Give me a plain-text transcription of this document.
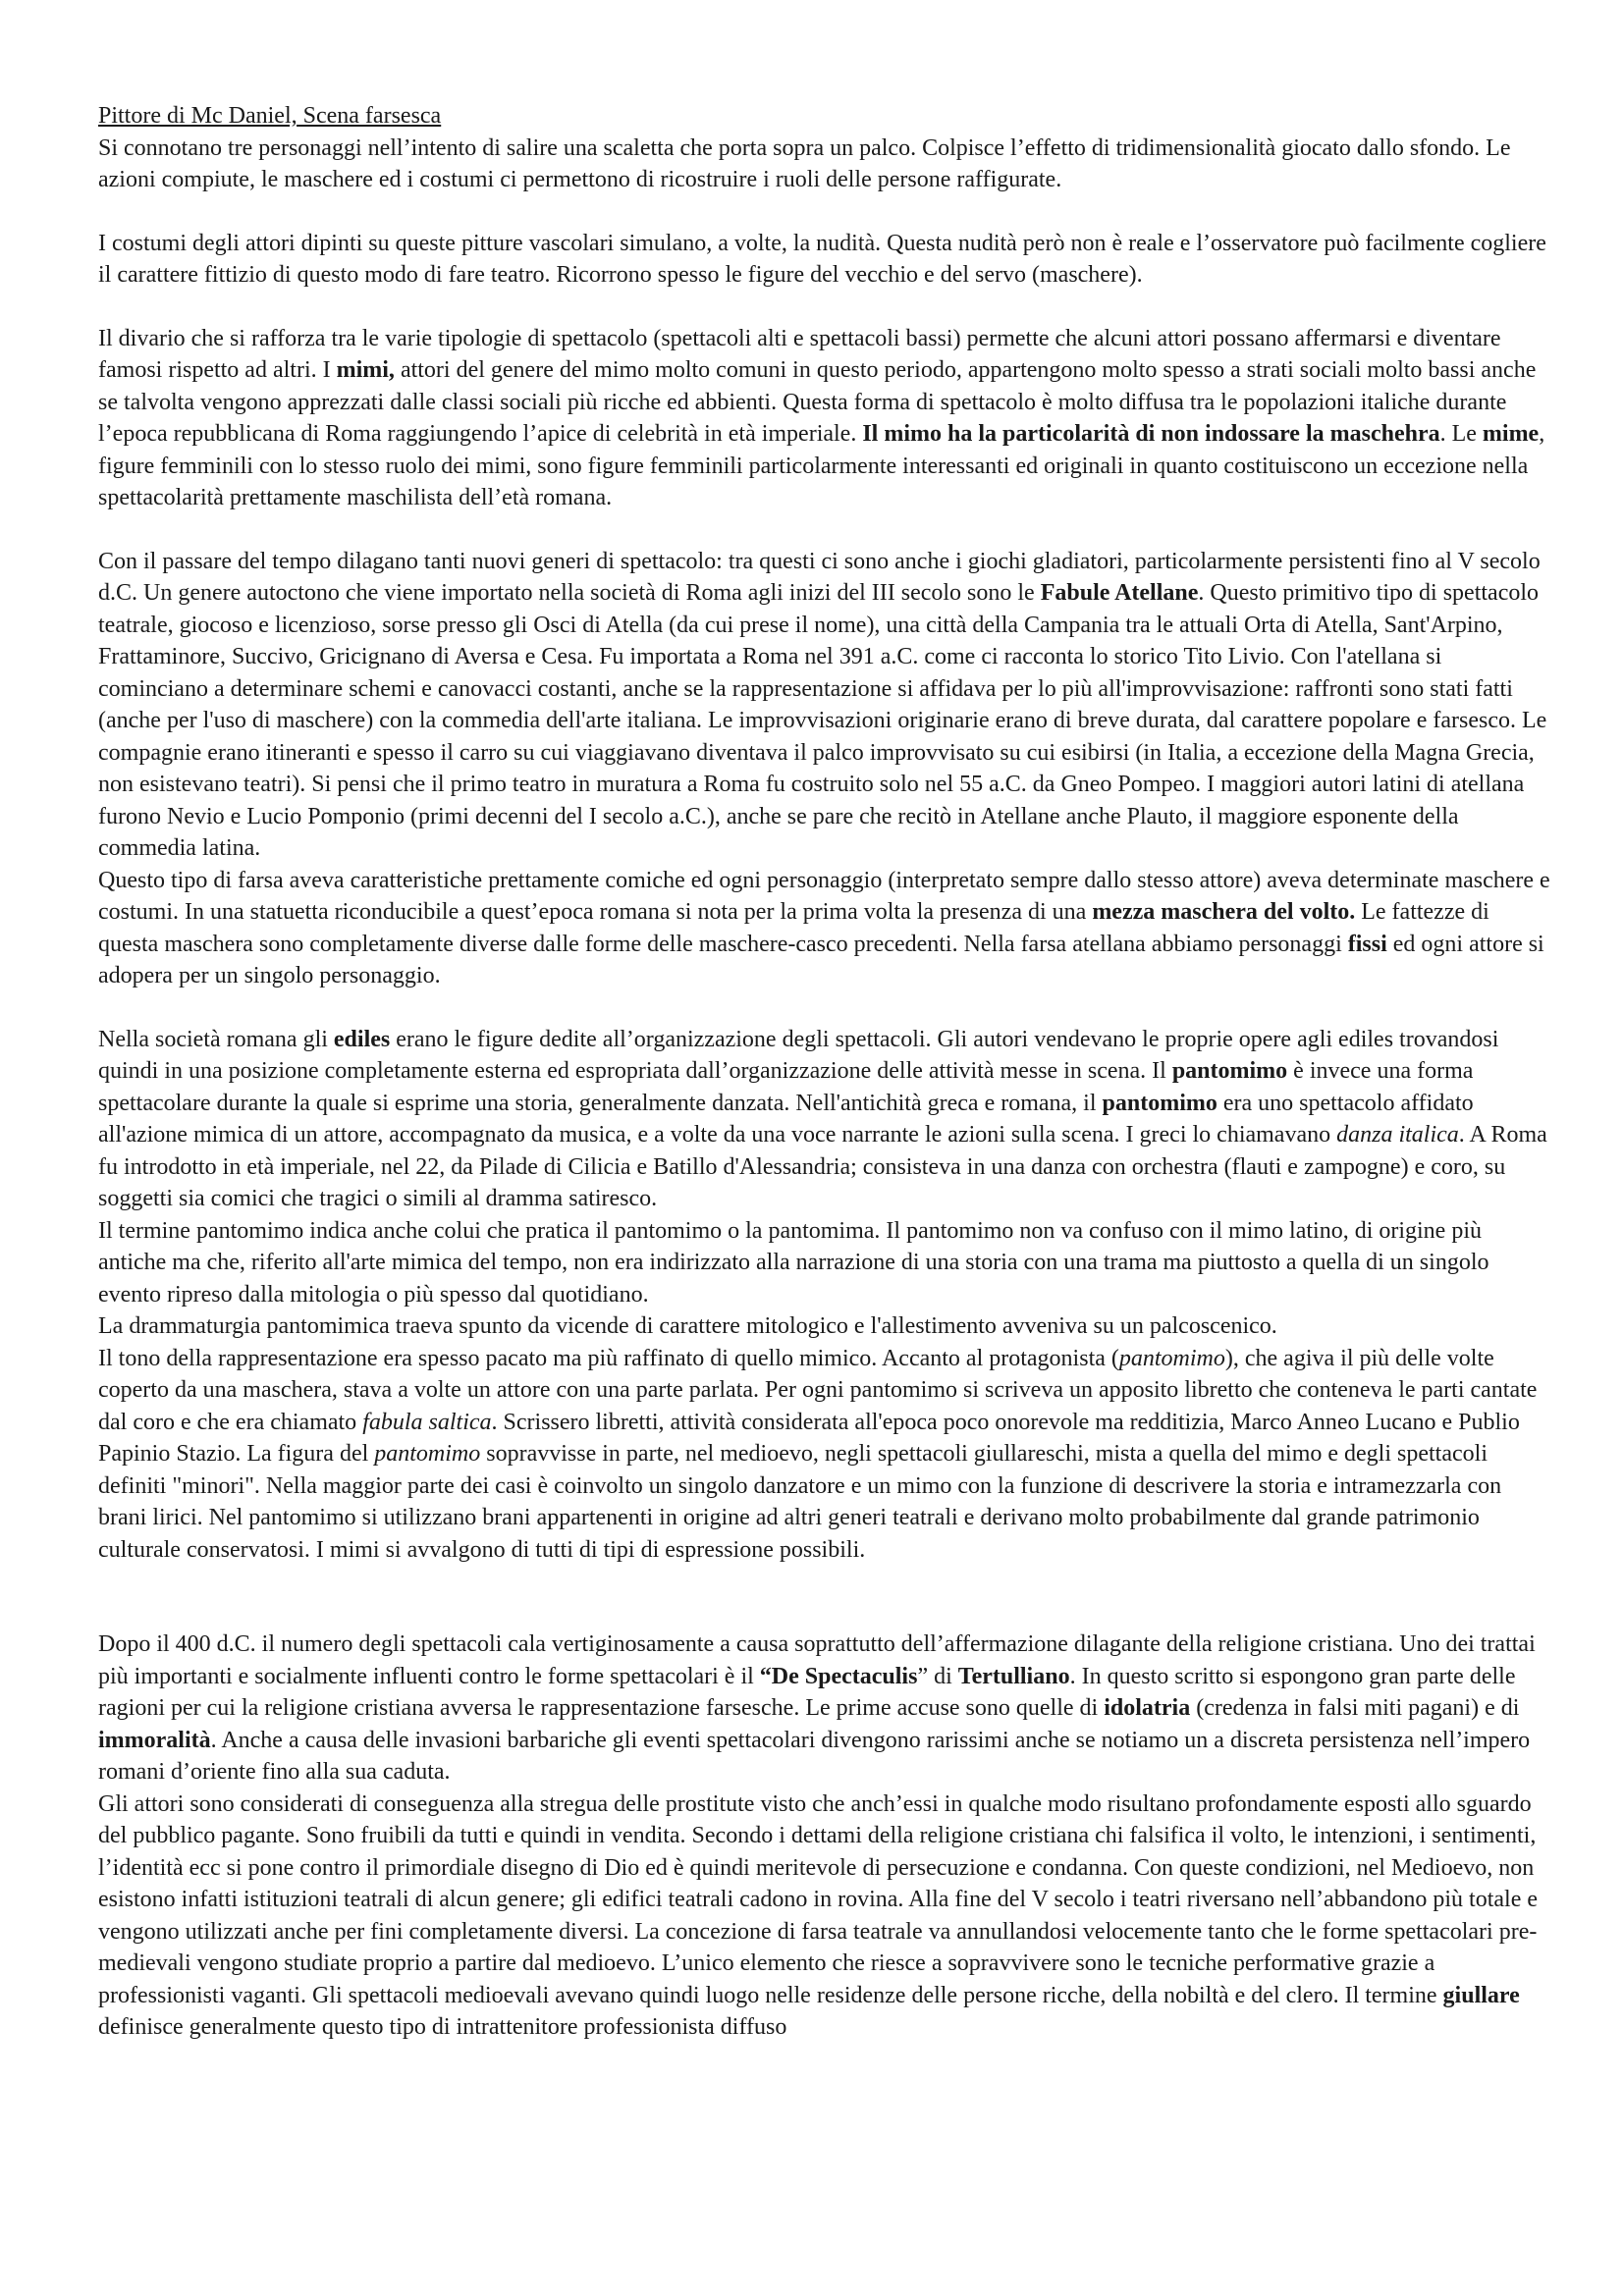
Pittore di Mc Daniel, Scena farsesca

Si connotano tre personaggi nell’intento di salire una scaletta che porta sopra un palco. Colpisce l’effetto di tridimensionalità giocato dallo sfondo. Le azioni compiute, le maschere ed i costumi ci permettono di ricostruire i ruoli delle persone raffigurate.

I costumi degli attori dipinti su queste pitture vascolari simulano, a volte, la nudità. Questa nudità però non è reale e l’osservatore può facilmente cogliere il carattere fittizio di questo modo di fare teatro. Ricorrono spesso le figure del vecchio e del servo (maschere).

Il divario che si rafforza tra le varie tipologie di spettacolo (spettacoli alti e spettacoli bassi) permette che alcuni attori possano affermarsi e diventare famosi rispetto ad altri. I mimi, attori del genere del mimo molto comuni in questo periodo, appartengono molto spesso a strati sociali molto bassi anche se talvolta vengono apprezzati dalle classi sociali più ricche ed abbienti. Questa forma di spettacolo è molto diffusa tra le popolazioni italiche durante l’epoca repubblicana di Roma raggiungendo l’apice di celebrità in età imperiale. Il mimo ha la particolarità di non indossare la maschehra. Le mime, figure femminili con lo stesso ruolo dei mimi, sono figure femminili particolarmente interessanti ed originali in quanto costituiscono un eccezione nella spettacolarità prettamente maschilista dell’età romana.

Con il passare del tempo dilagano tanti nuovi generi di spettacolo: tra questi ci sono anche i giochi gladiatori, particolarmente persistenti fino al V secolo d.C. Un genere autoctono che viene importato nella società di Roma agli inizi del III secolo sono le Fabule Atellane. Questo primitivo tipo di spettacolo teatrale, giocoso e licenzioso, sorse presso gli Osci di Atella (da cui prese il nome), una città della Campania tra le attuali Orta di Atella, Sant'Arpino, Frattaminore, Succivo, Gricignano di Aversa e Cesa. Fu importata a Roma nel 391 a.C. come ci racconta lo storico Tito Livio. Con l'atellana si cominciano a determinare schemi e canovacci costanti, anche se la rappresentazione si affidava per lo più all'improvvisazione: raffronti sono stati fatti (anche per l'uso di maschere) con la commedia dell'arte italiana. Le improvvisazioni originarie erano di breve durata, dal carattere popolare e farsesco. Le compagnie erano itineranti e spesso il carro su cui viaggiavano diventava il palco improvvisato su cui esibirsi (in Italia, a eccezione della Magna Grecia, non esistevano teatri). Si pensi che il primo teatro in muratura a Roma fu costruito solo nel 55 a.C. da Gneo Pompeo. I maggiori autori latini di atellana furono Nevio e Lucio Pomponio (primi decenni del I secolo a.C.), anche se pare che recitò in Atellane anche Plauto, il maggiore esponente della commedia latina.

Questo tipo di farsa aveva caratteristiche prettamente comiche ed ogni personaggio (interpretato sempre dallo stesso attore) aveva determinate maschere e costumi. In una statuetta riconducibile a quest’epoca romana si nota per la prima volta la presenza di una mezza maschera del volto. Le fattezze di questa maschera sono completamente diverse dalle forme delle maschere-casco precedenti. Nella farsa atellana abbiamo personaggi fissi ed ogni attore si adopera per un singolo personaggio.

Nella società romana gli ediles erano le figure dedite all’organizzazione degli spettacoli. Gli autori vendevano le proprie opere agli ediles trovandosi quindi in una posizione completamente esterna ed espropriata dall’organizzazione delle attività messe in scena. Il pantomimo è invece una forma spettacolare durante la quale si esprime una storia, generalmente danzata. Nell'antichità greca e romana, il pantomimo era uno spettacolo affidato all'azione mimica di un attore, accompagnato da musica, e a volte da una voce narrante le azioni sulla scena. I greci lo chiamavano danza italica. A Roma fu introdotto in età imperiale, nel 22, da Pilade di Cilicia e Batillo d'Alessandria; consisteva in una danza con orchestra (flauti e zampogne) e coro, su soggetti sia comici che tragici o simili al dramma satiresco.

Il termine pantomimo indica anche colui che pratica il pantomimo o la pantomima. Il pantomimo non va confuso con il mimo latino, di origine più antiche ma che, riferito all'arte mimica del tempo, non era indirizzato alla narrazione di una storia con una trama ma piuttosto a quella di un singolo evento ripreso dalla mitologia o più spesso dal quotidiano.

La drammaturgia pantomimica traeva spunto da vicende di carattere mitologico e l'allestimento avveniva su un palcoscenico.

Il tono della rappresentazione era spesso pacato ma più raffinato di quello mimico. Accanto al protagonista (pantomimo), che agiva il più delle volte coperto da una maschera, stava a volte un attore con una parte parlata. Per ogni pantomimo si scriveva un apposito libretto che conteneva le parti cantate dal coro e che era chiamato fabula saltica. Scrissero libretti, attività considerata all'epoca poco onorevole ma redditizia, Marco Anneo Lucano e Publio Papinio Stazio. La figura del pantomimo sopravvisse in parte, nel medioevo, negli spettacoli giullareschi, mista a quella del mimo e degli spettacoli definiti "minori". Nella maggior parte dei casi è coinvolto un singolo danzatore e un mimo con la funzione di descrivere la storia e intramezzarla con brani lirici. Nel pantomimo si utilizzano brani appartenenti in origine ad altri generi teatrali e derivano molto probabilmente dal grande patrimonio culturale conservatosi. I mimi si avvalgono di tutti di tipi di espressione possibili.

Dopo il 400 d.C. il numero degli spettacoli cala vertiginosamente a causa soprattutto dell’affermazione dilagante della religione cristiana. Uno dei trattai più importanti e socialmente influenti contro le forme spettacolari è il “De Spectaculis” di Tertulliano. In questo scritto si espongono gran parte delle ragioni per cui la religione cristiana avversa le rappresentazione farsesche. Le prime accuse sono quelle di idolatria (credenza in falsi miti pagani) e di immoralità. Anche a causa delle invasioni barbariche gli eventi spettacolari divengono rarissimi anche se notiamo un a discreta persistenza nell’impero romani d’oriente fino alla sua caduta.

Gli attori sono considerati di conseguenza alla stregua delle prostitute visto che anch’essi in qualche modo risultano profondamente esposti allo sguardo del pubblico pagante. Sono fruibili da tutti e quindi in vendita. Secondo i dettami della religione cristiana chi falsifica il volto, le intenzioni, i sentimenti, l’identità ecc si pone contro il primordiale disegno di Dio ed è quindi meritevole di persecuzione e condanna. Con queste condizioni, nel Medioevo, non esistono infatti istituzioni teatrali di alcun genere; gli edifici teatrali cadono in rovina. Alla fine del V secolo i teatri riversano nell’abbandono più totale e vengono utilizzati anche per fini completamente diversi. La concezione di farsa teatrale va annullandosi velocemente tanto che le forme spettacolari pre-medievali vengono studiate proprio a partire dal medioevo. L’unico elemento che riesce a sopravvivere sono le tecniche performative grazie a professionisti vaganti. Gli spettacoli medioevali avevano quindi luogo nelle residenze delle persone ricche, della nobiltà e del clero. Il termine giullare definisce generalmente questo tipo di intrattenitore professionista diffuso
